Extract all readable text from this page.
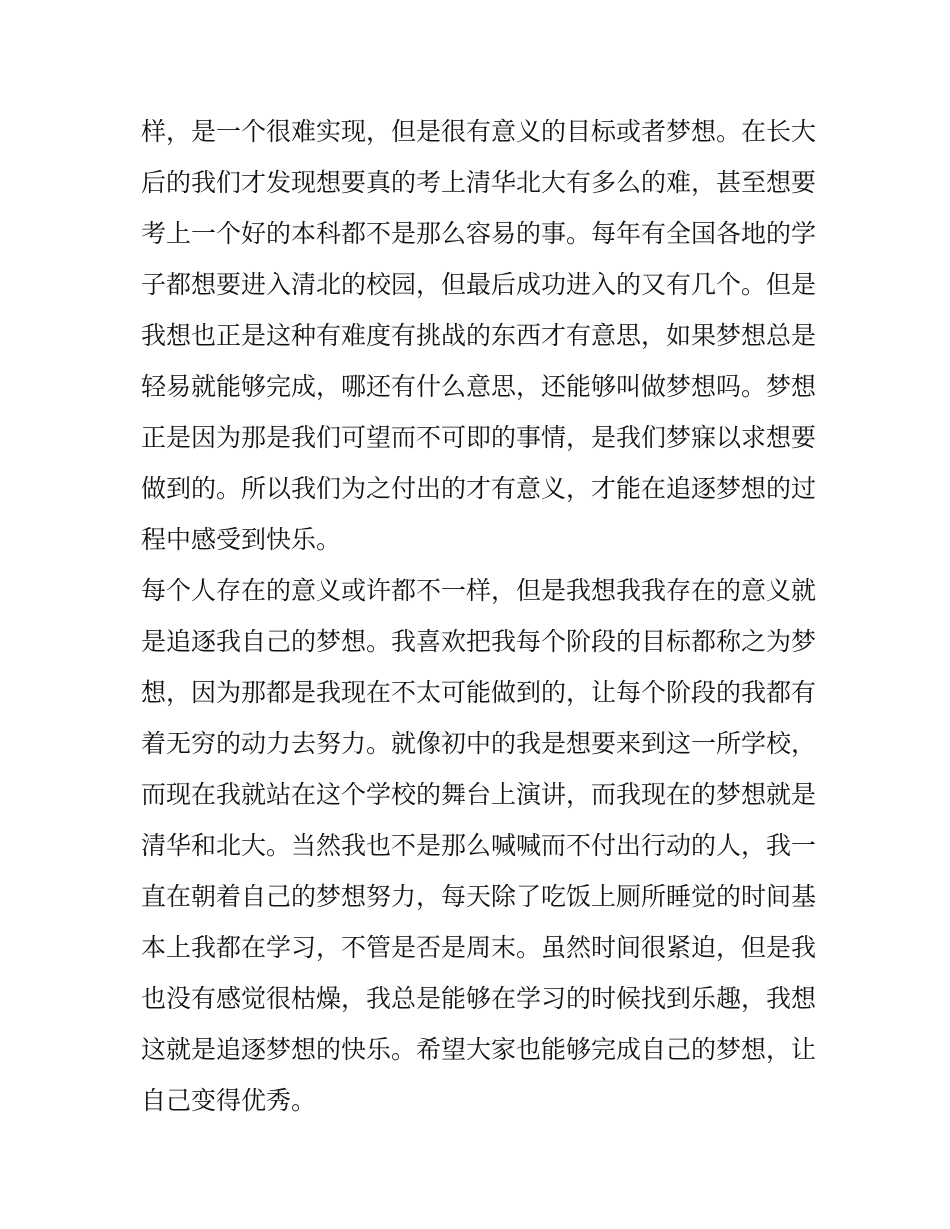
样，是一个很难实现，但是很有意义的目标或者梦想。在长大
后的我们才发现想要真的考上清华北大有多么的难，甚至想要
考上一个好的本科都不是那么容易的事。每年有全国各地的学
子都想要进入清北的校园，但最后成功进入的又有几个。但是
我想也正是这种有难度有挑战的东西才有意思，如果梦想总是
轻易就能够完成，哪还有什么意思，还能够叫做梦想吗。梦想
正是因为那是我们可望而不可即的事情，是我们梦寐以求想要
做到的。所以我们为之付出的才有意义，才能在追逐梦想的过
程中感受到快乐。
每个人存在的意义或许都不一样，但是我想我我存在的意义就
是追逐我自己的梦想。我喜欢把我每个阶段的目标都称之为梦
想，因为那都是我现在不太可能做到的，让每个阶段的我都有
着无穷的动力去努力。就像初中的我是想要来到这一所学校，
而现在我就站在这个学校的舞台上演讲，而我现在的梦想就是
清华和北大。当然我也不是那么喊喊而不付出行动的人，我一
直在朝着自己的梦想努力，每天除了吃饭上厕所睡觉的时间基
本上我都在学习，不管是否是周末。虽然时间很紧迫，但是我
也没有感觉很枯燥，我总是能够在学习的时候找到乐趣，我想
这就是追逐梦想的快乐。希望大家也能够完成自己的梦想，让
自己变得优秀。
